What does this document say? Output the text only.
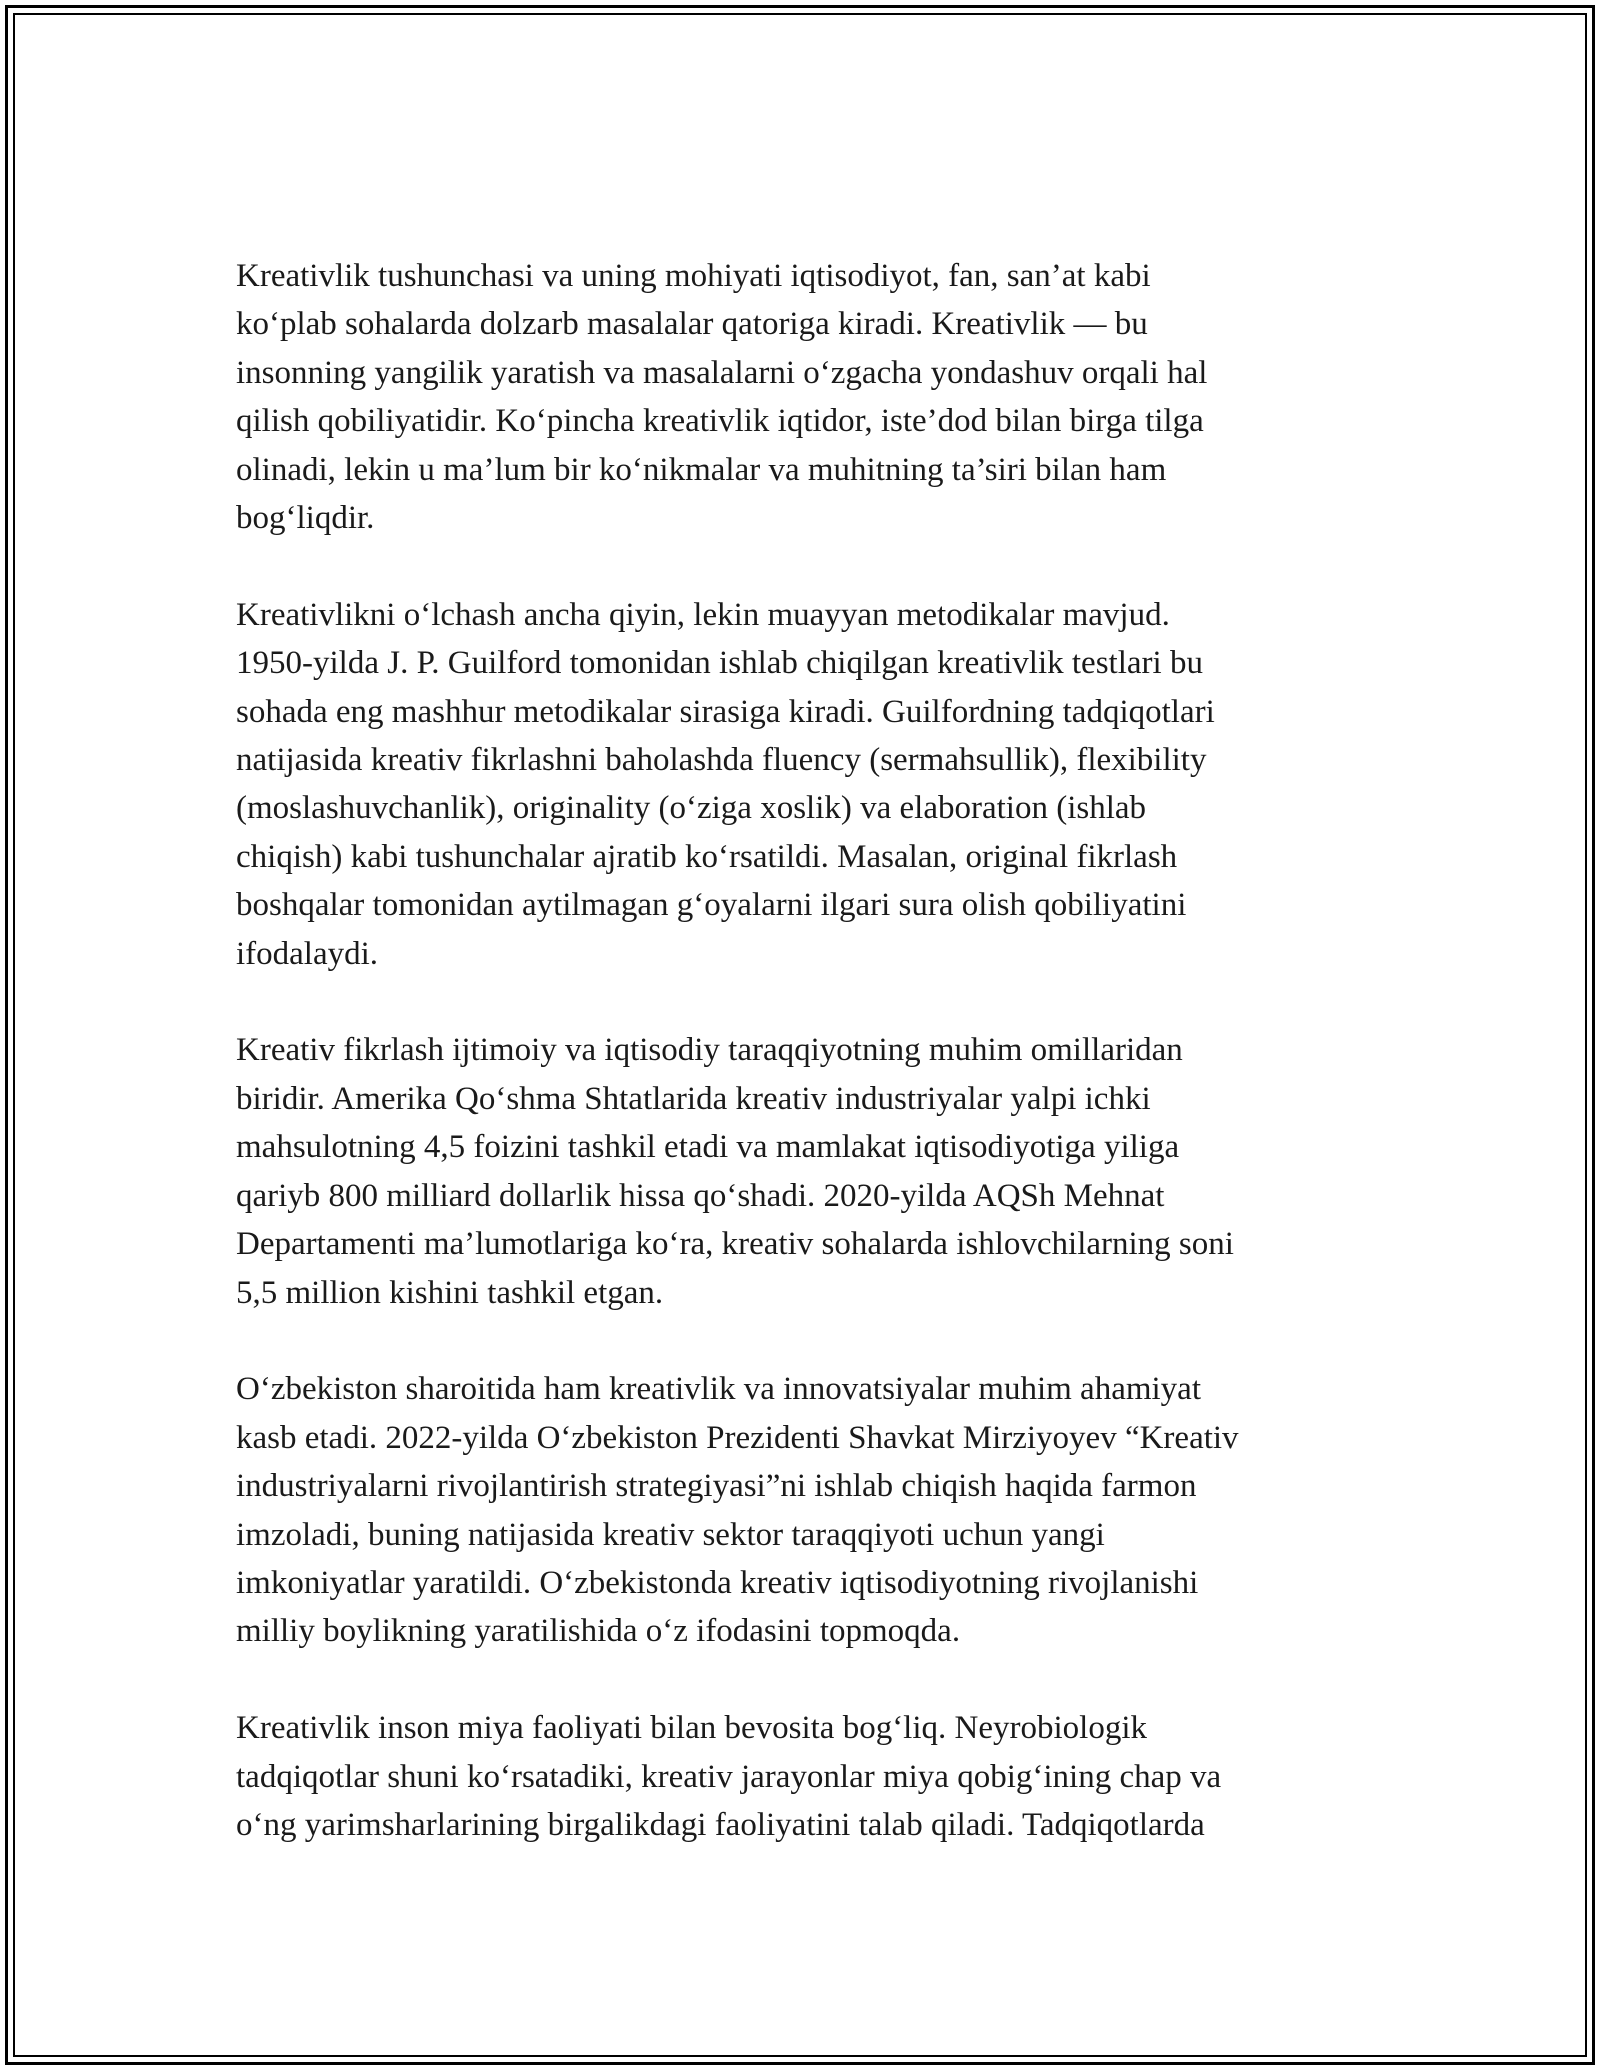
Kreativlik tushunchasi va uning mohiyati iqtisodiyot, fan, san’at kabi
ko‘plab sohalarda dolzarb masalalar qatoriga kiradi. Kreativlik — bu
insonning yangilik yaratish va masalalarni o‘zgacha yondashuv orqali hal
qilish qobiliyatidir. Ko‘pincha kreativlik iqtidor, iste’dod bilan birga tilga
olinadi, lekin u ma’lum bir ko‘nikmalar va muhitning ta’siri bilan ham
bog‘liqdir.
Kreativlikni o‘lchash ancha qiyin, lekin muayyan metodikalar mavjud.
1950-yilda J. P. Guilford tomonidan ishlab chiqilgan kreativlik testlari bu
sohada eng mashhur metodikalar sirasiga kiradi. Guilfordning tadqiqotlari
natijasida kreativ fikrlashni baholashda fluency (sermahsullik), flexibility
(moslashuvchanlik), originality (o‘ziga xoslik) va elaboration (ishlab
chiqish) kabi tushunchalar ajratib ko‘rsatildi. Masalan, original fikrlash
boshqalar tomonidan aytilmagan g‘oyalarni ilgari sura olish qobiliyatini
ifodalaydi.
Kreativ fikrlash ijtimoiy va iqtisodiy taraqqiyotning muhim omillaridan
biridir. Amerika Qo‘shma Shtatlarida kreativ industriyalar yalpi ichki
mahsulotning 4,5 foizini tashkil etadi va mamlakat iqtisodiyotiga yiliga
qariyb 800 milliard dollarlik hissa qo‘shadi. 2020-yilda AQSh Mehnat
Departamenti ma’lumotlariga ko‘ra, kreativ sohalarda ishlovchilarning soni
5,5 million kishini tashkil etgan.
O‘zbekiston sharoitida ham kreativlik va innovatsiyalar muhim ahamiyat
kasb etadi. 2022-yilda O‘zbekiston Prezidenti Shavkat Mirziyoyev “Kreativ
industriyalarni rivojlantirish strategiyasi”ni ishlab chiqish haqida farmon
imzoladi, buning natijasida kreativ sektor taraqqiyoti uchun yangi
imkoniyatlar yaratildi. O‘zbekistonda kreativ iqtisodiyotning rivojlanishi
milliy boylikning yaratilishida o‘z ifodasini topmoqda.
Kreativlik inson miya faoliyati bilan bevosita bog‘liq. Neyrobiologik
tadqiqotlar shuni ko‘rsatadiki, kreativ jarayonlar miya qobig‘ining chap va
o‘ng yarimsharlarining birgalikdagi faoliyatini talab qiladi. Tadqiqotlarda
